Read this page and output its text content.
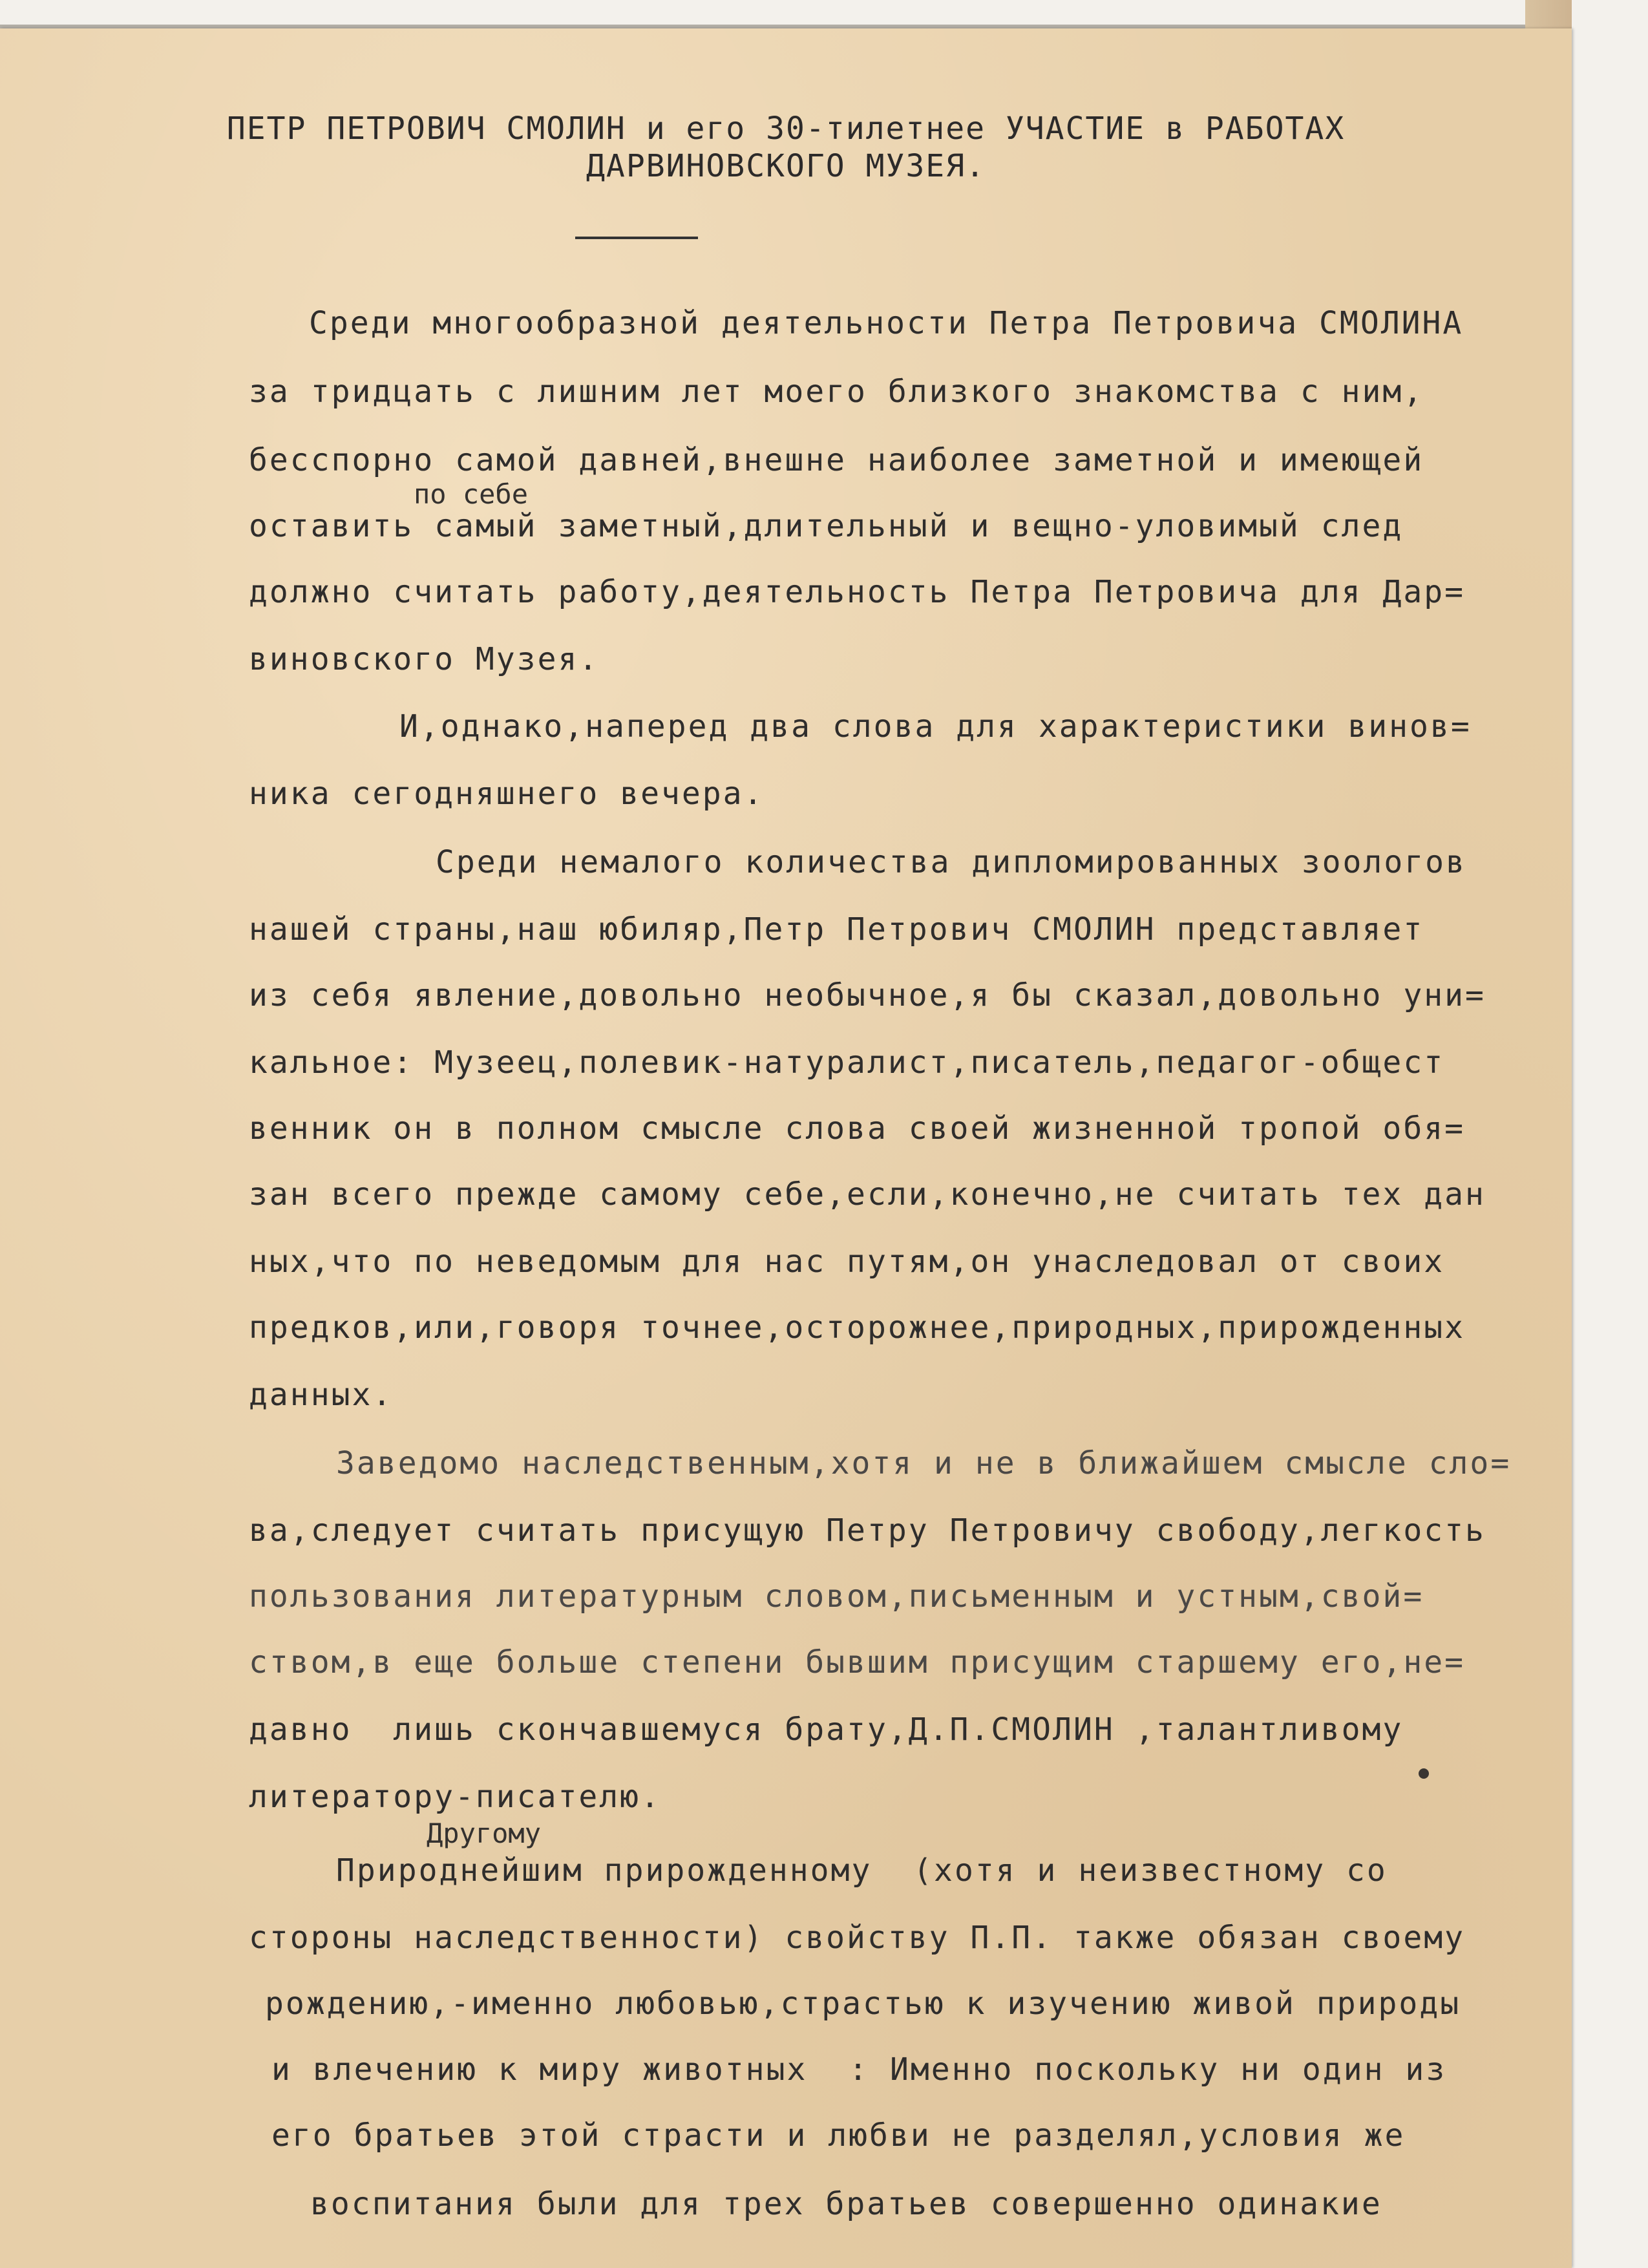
ПЕТР ПЕТРОВИЧ СМОЛИН и его 30-тилетнее УЧАСТИЕ в РАБОТАХ
ДАРВИНОВСКОГО МУЗЕЯ.

Среди многообразной деятельности Петра Петровича СМОЛИНА

за тридцать с лишним лет моего близкого знакомства с ним,

бесспорно самой давней,внешне наиболее заметной и имеющей

по себе

оставить самый заметный,длительный и вещно-уловимый след

должно считать работу,деятельность Петра Петровича для Дар=

виновского Музея.

И,однако,наперед два слова для характеристики винов=

ника сегодняшнего вечера.

Среди немалого количества дипломированных зоологов

нашей страны,наш юбиляр,Петр Петрович СМОЛИН представляет

из себя явление,довольно необычное,я бы сказал,довольно уни=

кальное: Музеец,полевик-натуралист,писатель,педагог-общест

венник он в полном смысле слова своей жизненной тропой обя=

зан всего прежде самому себе,если,конечно,не считать тех дан

ных,что по неведомым для нас путям,он унаследовал от своих

предков,или,говоря точнее,осторожнее,природных,прирожденных

данных.

Заведомо наследственным,хотя и не в ближайшем смысле сло=

ва,следует считать присущую Петру Петровичу свободу,легкость

пользования литературным словом,письменным и устным,свой=

ством,в еще больше степени бывшим присущим старшему его,не=

давно  лишь скончавшемуся брату,Д.П.СМОЛИН ,талантливому

литератору-писателю.

Другому

Природнейшим прирожденному  (хотя и неизвестному со

стороны наследственности) свойству П.П. также обязан своему

рождению,-именно любовью,страстью к изучению живой природы

и влечению к миру животных  : Именно поскольку ни один из

его братьев этой страсти и любви не разделял,условия же

воспитания были для трех братьев совершенно одинакие
